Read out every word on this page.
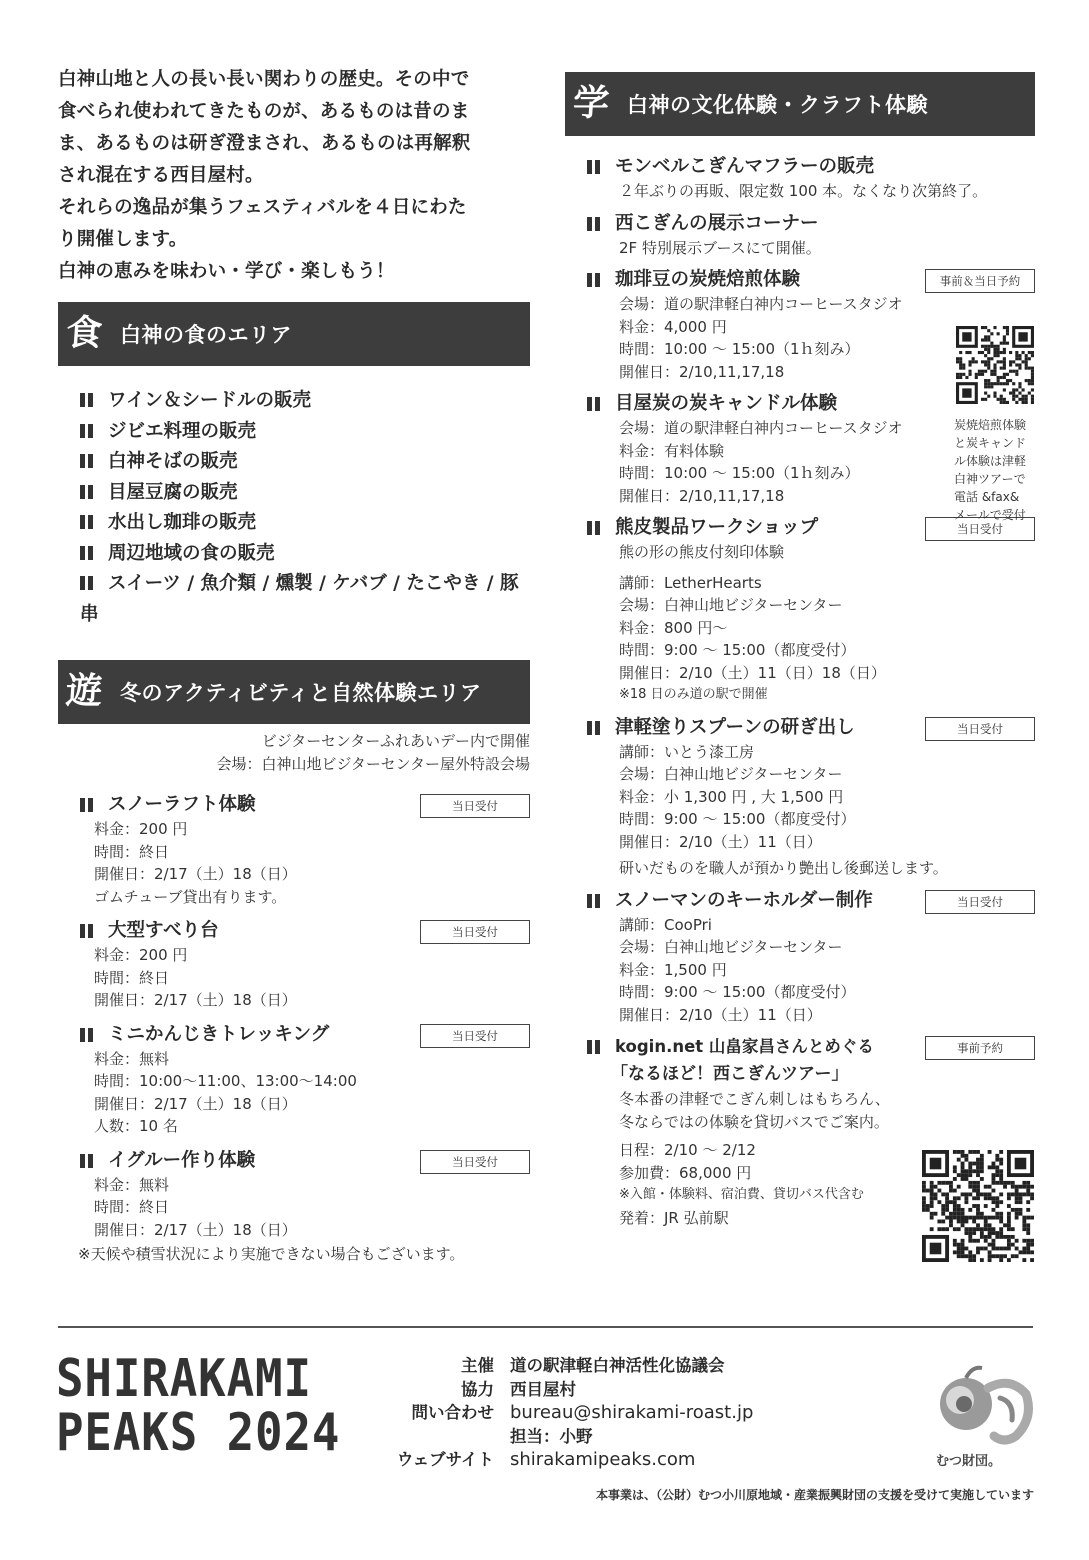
白神山地と人の長い長い関わりの歴史。その中で
食べられ使われてきたものが、あるものは昔のま
ま、あるものは研ぎ澄まされ、あるものは再解釈
され混在する西目屋村。
それらの逸品が集うフェスティバルを４日にわた
り開催します。
白神の恵みを味わい・学び・楽しもう！
食 白神の食のエリア
ワイン＆シードルの販売
ジビエ料理の販売
白神そばの販売
目屋豆腐の販売
水出し珈琲の販売
周辺地域の食の販売
スイーツ / 魚介類 / 燻製 / ケバブ / たこやき / 豚串
遊 冬のアクティビティと自然体験エリア
ビジターセンターふれあいデー内で開催
会場：白神山地ビジターセンター屋外特設会場
スノーラフト体験	当日受付
料金：200 円
時間：終日
開催日：2/17（土）18（日）
ゴムチューブ貸出有ります。
大型すべり台	当日受付
料金：200 円
時間：終日
開催日：2/17（土）18（日）
ミニかんじきトレッキング	当日受付
料金：無料
時間：10:00〜11:00、13:00〜14:00
開催日：2/17（土）18（日）
人数：10 名
イグルー作り体験	当日受付
料金：無料
時間：終日
開催日：2/17（土）18（日）
※天候や積雪状況により実施できない場合もございます。
学 白神の文化体験・クラフト体験
モンベルこぎんマフラーの販売
２年ぶりの再販、限定数 100 本。なくなり次第終了。
西こぎんの展示コーナー
2F 特別展示ブースにて開催。
珈琲豆の炭焼焙煎体験	事前＆当日予約
会場：道の駅津軽白神内コーヒースタジオ
料金：4,000 円
時間：10:00 〜 15:00（1ｈ刻み）
開催日：2/10,11,17,18
目屋炭の炭キャンドル体験
会場：道の駅津軽白神内コーヒースタジオ
料金：有料体験
時間：10:00 〜 15:00（1ｈ刻み）
開催日：2/10,11,17,18
熊皮製品ワークショップ	当日受付
熊の形の熊皮付刻印体験
講師：LetherHearts
会場：白神山地ビジターセンター
料金：800 円〜
時間：9:00 〜 15:00（都度受付）
開催日：2/10（土）11（日）18（日）
※18 日のみ道の駅で開催
津軽塗りスプーンの研ぎ出し	当日受付
講師：いとう漆工房
会場：白神山地ビジターセンター
料金：小 1,300 円 , 大 1,500 円
時間：9:00 〜 15:00（都度受付）
開催日：2/10（土）11（日）
研いだものを職人が預かり艶出し後郵送します。
スノーマンのキーホルダー制作	当日受付
講師：CooPri
会場：白神山地ビジターセンター
料金：1,500 円
時間：9:00 〜 15:00（都度受付）
開催日：2/10（土）11（日）
kogin.net 山畠家昌さんとめぐる	事前予約
「なるほど！西こぎんツアー」
冬本番の津軽でこぎん刺しはもちろん、
冬ならではの体験を貸切バスでご案内。
日程：2/10 〜 2/12
参加費：68,000 円
※入館・体験料、宿泊費、貸切バス代含む
発着：JR 弘前駅
炭焼焙煎体験
と炭キャンド
ル体験は津軽
白神ツアーで
電話 &fax&
メールで受付
SHIRAKAMI
PEAKS 2024
主催 道の駅津軽白神活性化協議会
協力 西目屋村
問い合わせ bureau@shirakami-roast.jp
担当：小野
ウェブサイト shirakamipeaks.com	むつ財団。
本事業は、（公財）むつ小川原地域・産業振興財団の支援を受けて実施しています
